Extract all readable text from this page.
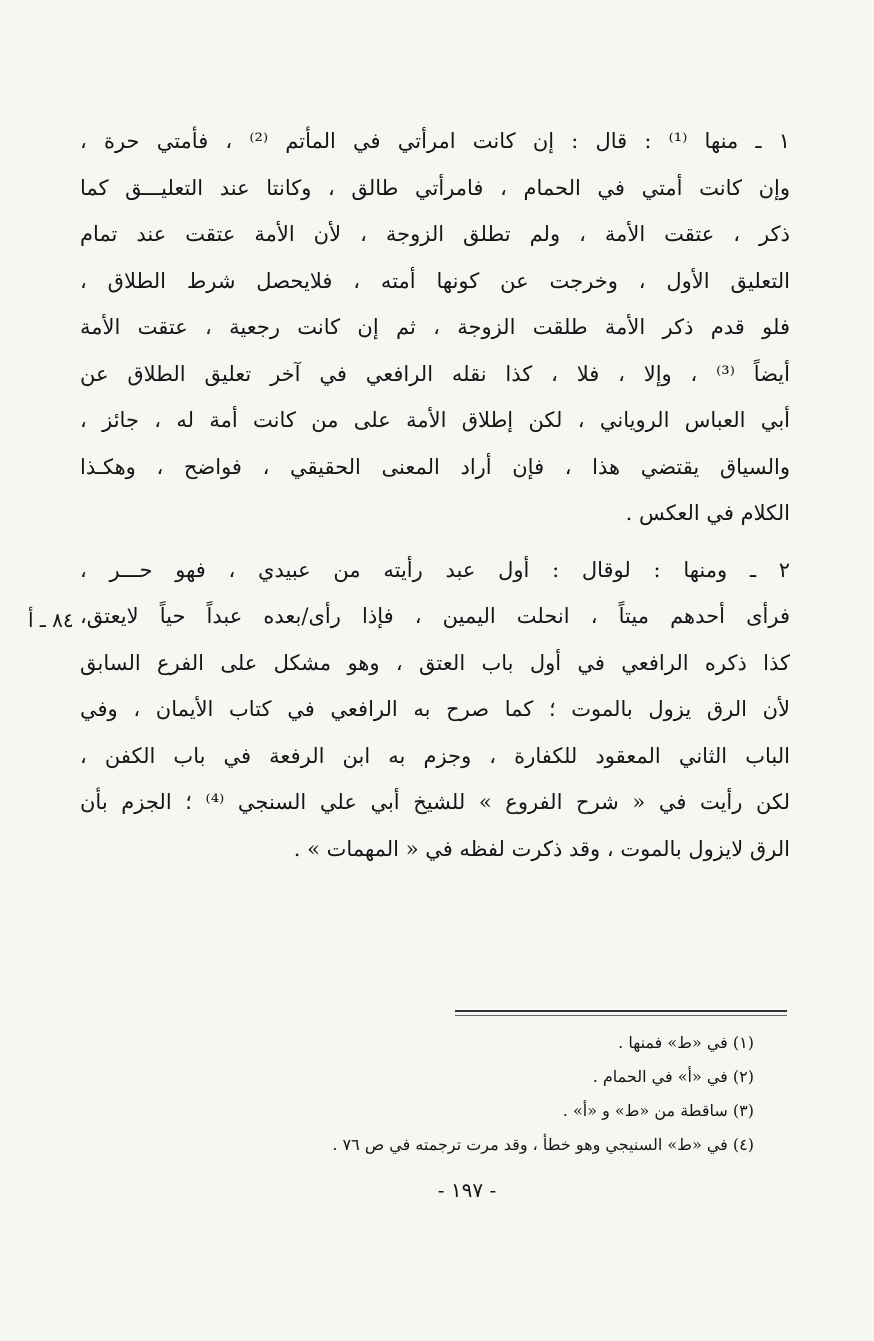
١ ـ منها ⁽¹⁾ : قال : إن كانت امرأتي في المأتم ⁽²⁾ ، فأمتي حرة ،
وإن كانت أمتي في الحمام ، فامرأتي طالق ، وكانتا عند التعليـــق كما
ذكر ، عتقت الأمة ، ولم تطلق الزوجة ، لأن الأمة عتقت عند تمام
التعليق الأول ، وخرجت عن كونها أمته ، فلايحصل شرط الطلاق ،
فلو قدم ذكر الأمة طلقت الزوجة ، ثم إن كانت رجعية ، عتقت الأمة
أيضاً ⁽³⁾ ، وإلا ، فلا ، كذا نقله الرافعي في آخر تعليق الطلاق عن
أبي العباس الروياني ، لكن إطلاق الأمة على من كانت أمة له ، جائز ،
والسياق يقتضي هذا ، فإن أراد المعنى الحقيقي ، فواضح ، وهكـذا
الكلام في العكس .
٢ ـ ومنها : لوقال : أول عبد رأيته من عبيدي ، فهو حـــر ،
فرأى أحدهم ميتاً ، انحلت اليمين ، فإذا رأى/بعده عبداً حياً لايعتق،
كذا ذكره الرافعي في أول باب العتق ، وهو مشكل على الفرع السابق
لأن الرق يزول بالموت ؛ كما صرح به الرافعي في كتاب الأيمان ، وفي
الباب الثاني المعقود للكفارة ، وجزم به ابن الرفعة في باب الكفن ،
لكن رأيت في « شرح الفروع » للشيخ أبي علي السنجي ⁽⁴⁾ ؛ الجزم بأن
الرق لايزول بالموت ، وقد ذكرت لفظه في « المهمات » .
٨٤ ـ أ
(١) في «ط» فمنها .
(٢) في «أ» في الحمام .
(٣) ساقطة من «ط» و «أ» .
(٤) في «ط» السنيجي وهو خطأ ، وقد مرت ترجمته في ص ٧٦ .
- ١٩٧ -
